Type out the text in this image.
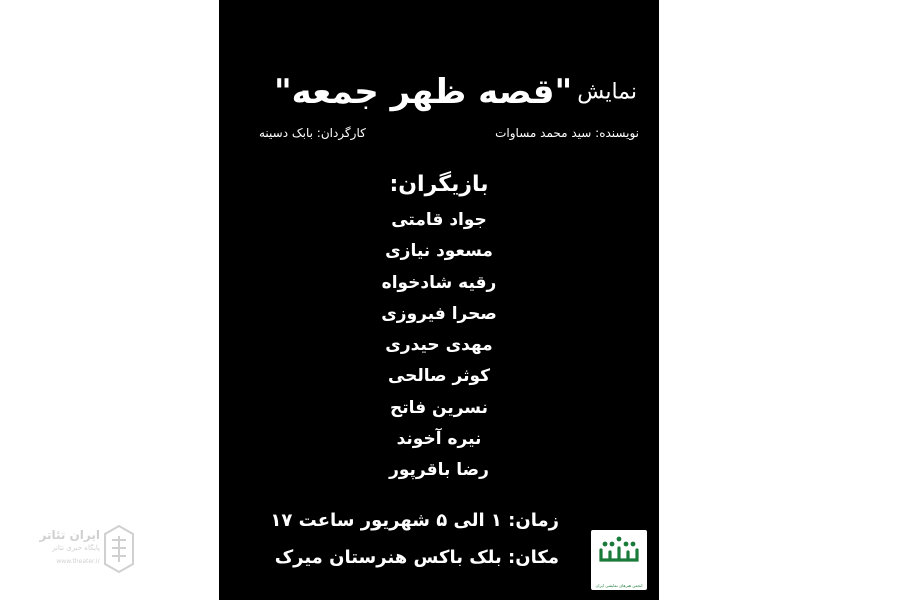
نمایش "قصه ظهر جمعه"
نویسنده: سید محمد مساوات
کارگردان: بابک دسینه
بازیگران:
جواد قامتی
مسعود نیازی
رقیه شادخواه
صحرا فیروزی
مهدی حیدری
کوثر صالحی
نسرین فاتح
نیره آخوند
رضا باقرپور
زمان: ۱ الی ۵ شهریور ساعت ۱۷
مکان: بلک باکس هنرستان میرک
انجمن هنرهای نمایشی ایران
ایران تئاتر
پایگاه خبری تئاتر
www.theater.ir
